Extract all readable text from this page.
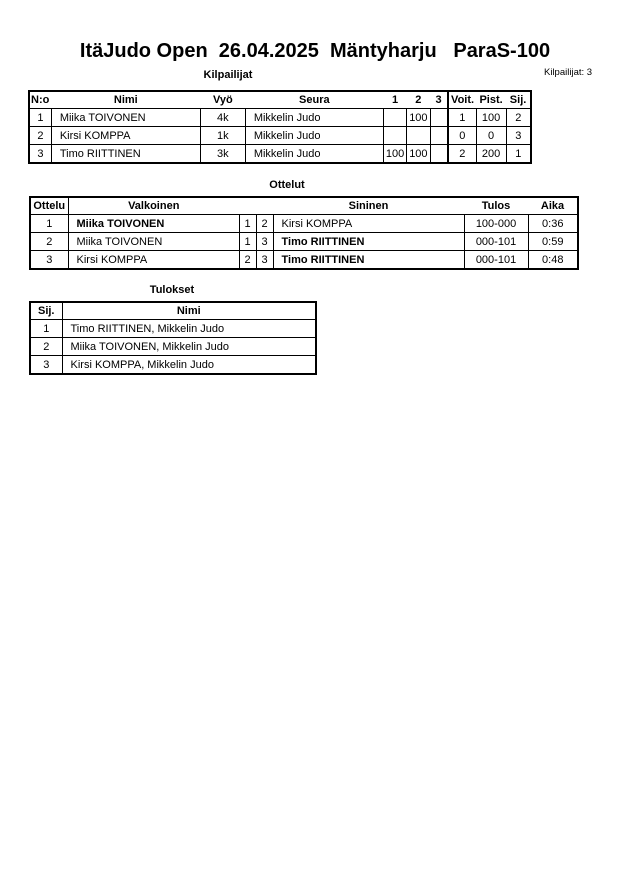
ItäJudo Open  26.04.2025  Mäntyharju   ParaS-100
Kilpailijat	Kilpailijat: 3
N:o	Nimi	Vyö	Seura	1	2	3	Voit.	Pist.	Sij.
1	Miika TOIVONEN	4k	Mikkelin Judo		100		1	100	2
2	Kirsi KOMPPA	1k	Mikkelin Judo				0	0	3
3	Timo RIITTINEN	3k	Mikkelin Judo	100	100		2	200	1
Ottelut
Ottelu	Valkoinen			Sininen	Tulos	Aika
1	Miika TOIVONEN	1	2	Kirsi KOMPPA	100-000	0:36
2	Miika TOIVONEN	1	3	Timo RIITTINEN	000-101	0:59
3	Kirsi KOMPPA	2	3	Timo RIITTINEN	000-101	0:48
Tulokset
Sij.	Nimi
1	Timo RIITTINEN, Mikkelin Judo
2	Miika TOIVONEN, Mikkelin Judo
3	Kirsi KOMPPA, Mikkelin Judo
